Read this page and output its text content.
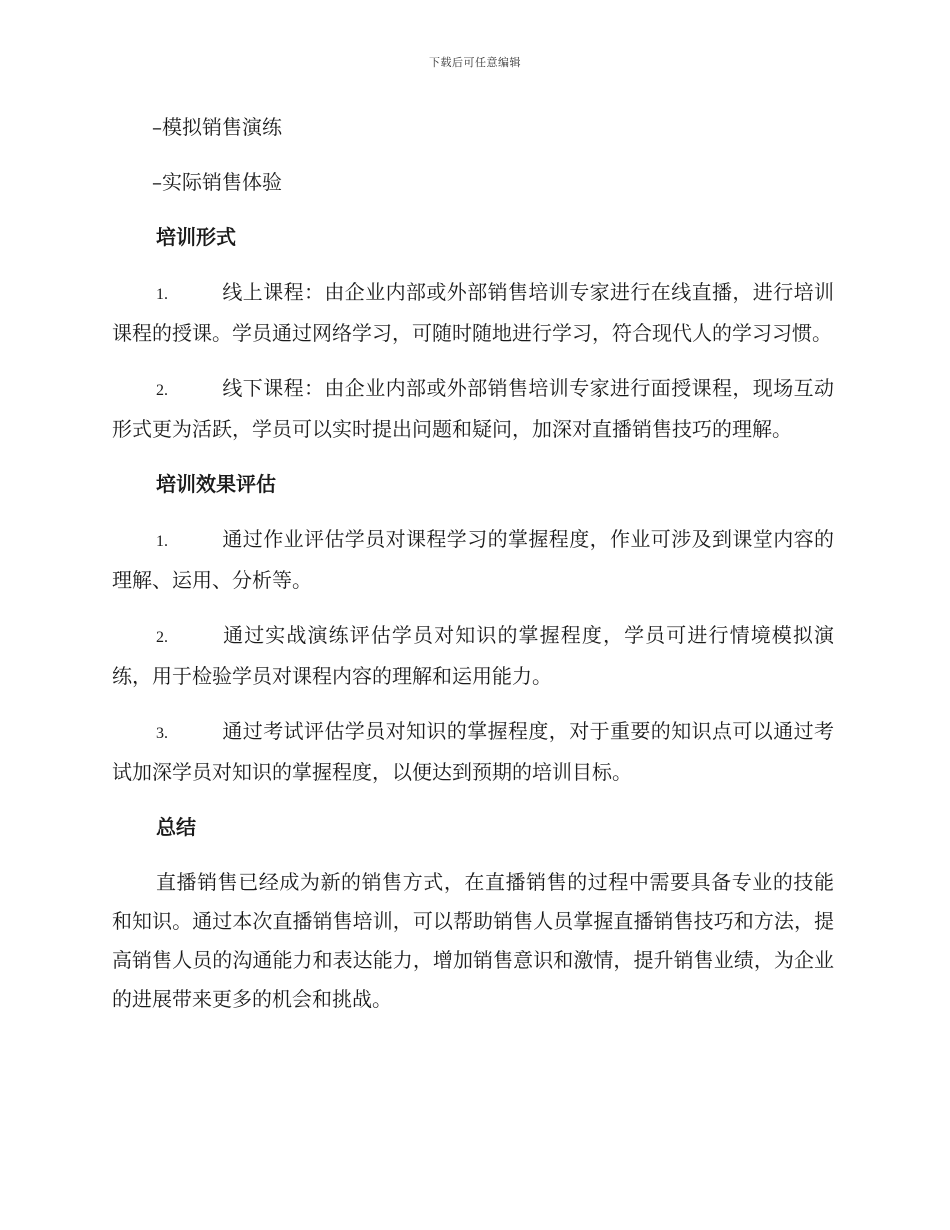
下载后可任意编辑
–模拟销售演练
–实际销售体验
培训形式
1.	线上课程：由企业内部或外部销售培训专家进行在线直播，进行培训课程的授课。学员通过网络学习，可随时随地进行学习，符合现代人的学习习惯。
2.	线下课程：由企业内部或外部销售培训专家进行面授课程，现场互动形式更为活跃，学员可以实时提出问题和疑问，加深对直播销售技巧的理解。
培训效果评估
1.	通过作业评估学员对课程学习的掌握程度，作业可涉及到课堂内容的理解、运用、分析等。
2.	通过实战演练评估学员对知识的掌握程度，学员可进行情境模拟演练，用于检验学员对课程内容的理解和运用能力。
3.	通过考试评估学员对知识的掌握程度，对于重要的知识点可以通过考试加深学员对知识的掌握程度，以便达到预期的培训目标。
总结
直播销售已经成为新的销售方式，在直播销售的过程中需要具备专业的技能和知识。通过本次直播销售培训，可以帮助销售人员掌握直播销售技巧和方法，提高销售人员的沟通能力和表达能力，增加销售意识和激情，提升销售业绩，为企业的进展带来更多的机会和挑战。
